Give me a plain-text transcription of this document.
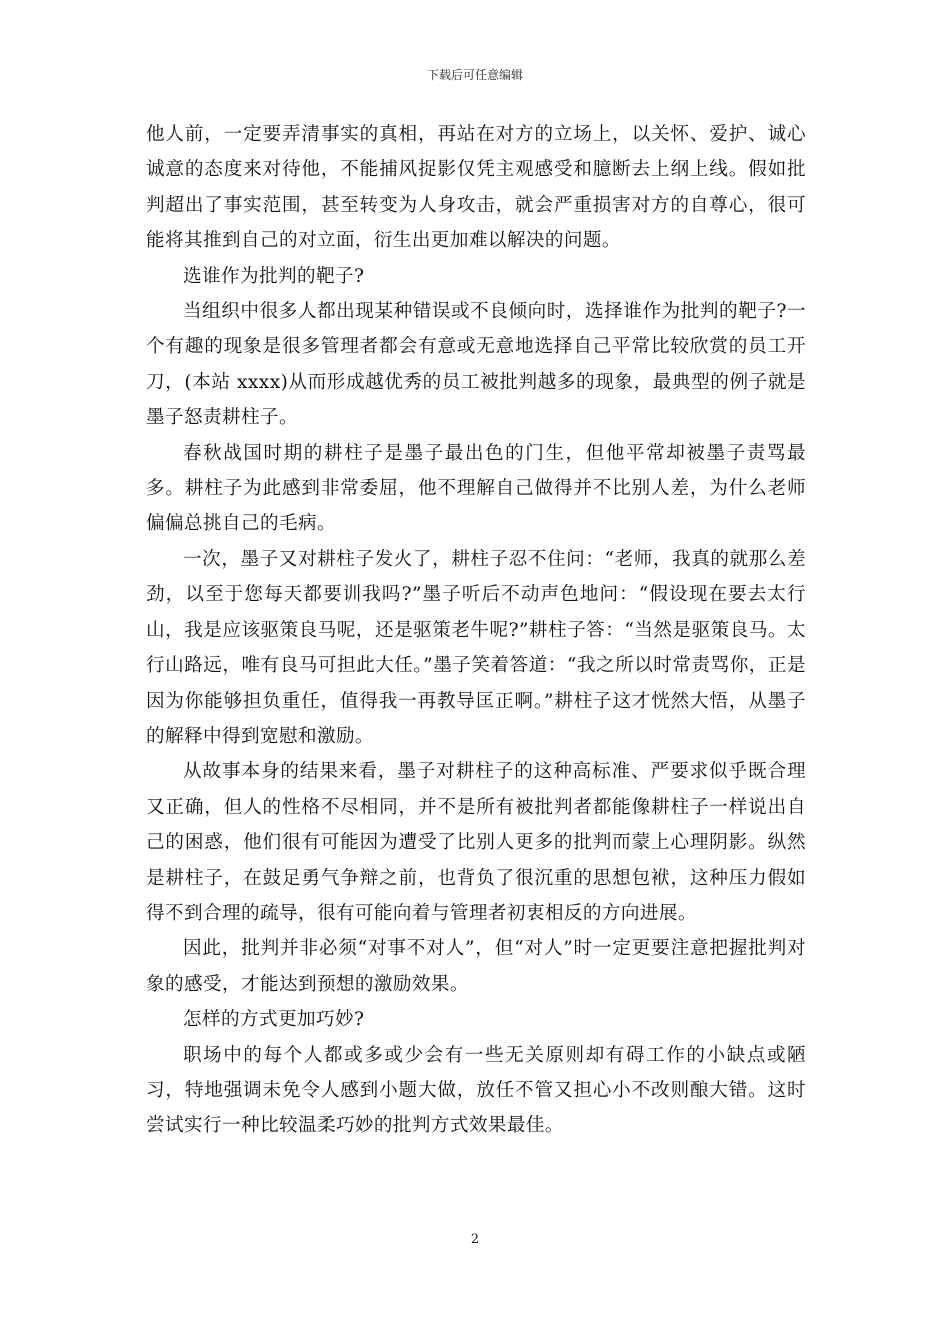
下载后可任意编辑

他人前，一定要弄清事实的真相，再站在对方的立场上，以关怀、爱护、诚心诚意的态度来对待他，不能捕风捉影仅凭主观感受和臆断去上纲上线。假如批判超出了事实范围，甚至转变为人身攻击，就会严重损害对方的自尊心，很可能将其推到自己的对立面，衍生出更加难以解决的问题。

选谁作为批判的靶子?

当组织中很多人都出现某种错误或不良倾向时，选择谁作为批判的靶子?一个有趣的现象是很多管理者都会有意或无意地选择自己平常比较欣赏的员工开刀，(本站 xxxx)从而形成越优秀的员工被批判越多的现象，最典型的例子就是墨子怒责耕柱子。

春秋战国时期的耕柱子是墨子最出色的门生，但他平常却被墨子责骂最多。耕柱子为此感到非常委屈，他不理解自己做得并不比别人差，为什么老师偏偏总挑自己的毛病。

一次，墨子又对耕柱子发火了，耕柱子忍不住问：“老师，我真的就那么差劲，以至于您每天都要训我吗?”墨子听后不动声色地问：“假设现在要去太行山，我是应该驱策良马呢，还是驱策老牛呢?”耕柱子答：“当然是驱策良马。太行山路远，唯有良马可担此大任。”墨子笑着答道：“我之所以时常责骂你，正是因为你能够担负重任，值得我一再教导匡正啊。”耕柱子这才恍然大悟，从墨子的解释中得到宽慰和激励。

从故事本身的结果来看，墨子对耕柱子的这种高标准、严要求似乎既合理又正确，但人的性格不尽相同，并不是所有被批判者都能像耕柱子一样说出自己的困惑，他们很有可能因为遭受了比别人更多的批判而蒙上心理阴影。纵然是耕柱子，在鼓足勇气争辩之前，也背负了很沉重的思想包袱，这种压力假如得不到合理的疏导，很有可能向着与管理者初衷相反的方向进展。

因此，批判并非必须“对事不对人”，但“对人”时一定更要注意把握批判对象的感受，才能达到预想的激励效果。

怎样的方式更加巧妙?

职场中的每个人都或多或少会有一些无关原则却有碍工作的小缺点或陋习，特地强调未免令人感到小题大做，放任不管又担心小不改则酿大错。这时尝试实行一种比较温柔巧妙的批判方式效果最佳。

2
